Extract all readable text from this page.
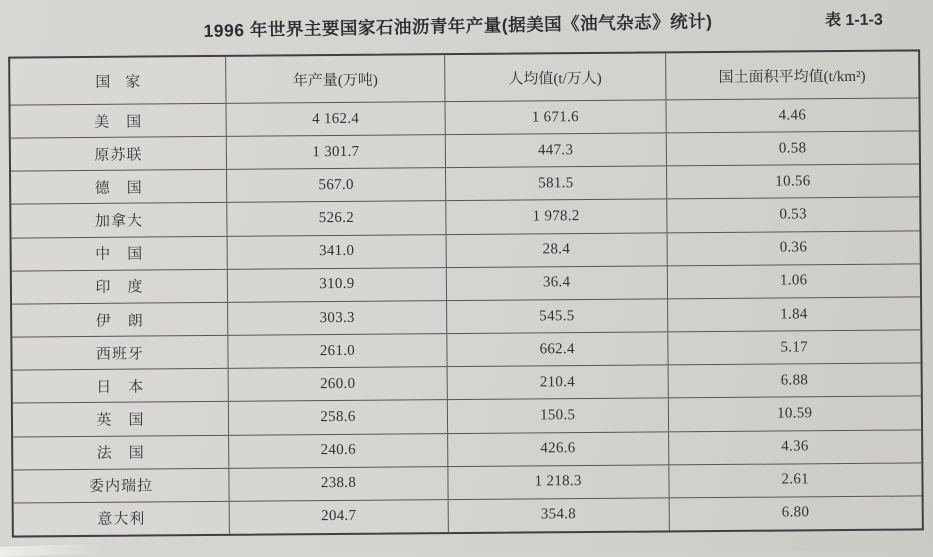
1996 年世界主要国家石油沥青年产量(据美国《油气杂志》统计)	表 1-1-3
国　家	年产量(万吨)	人均值(t/万人)	国土面积平均值(t/km²)
美　国	4 162.4	1 671.6	4.46
原苏联	1 301.7	447.3	0.58
德　国	567.0	581.5	10.56
加拿大	526.2	1 978.2	0.53
中　国	341.0	28.4	0.36
印　度	310.9	36.4	1.06
伊　朗	303.3	545.5	1.84
西班牙	261.0	662.4	5.17
日　本	260.0	210.4	6.88
英　国	258.6	150.5	10.59
法　国	240.6	426.6	4.36
委内瑞拉	238.8	1 218.3	2.61
意大利	204.7	354.8	6.80
